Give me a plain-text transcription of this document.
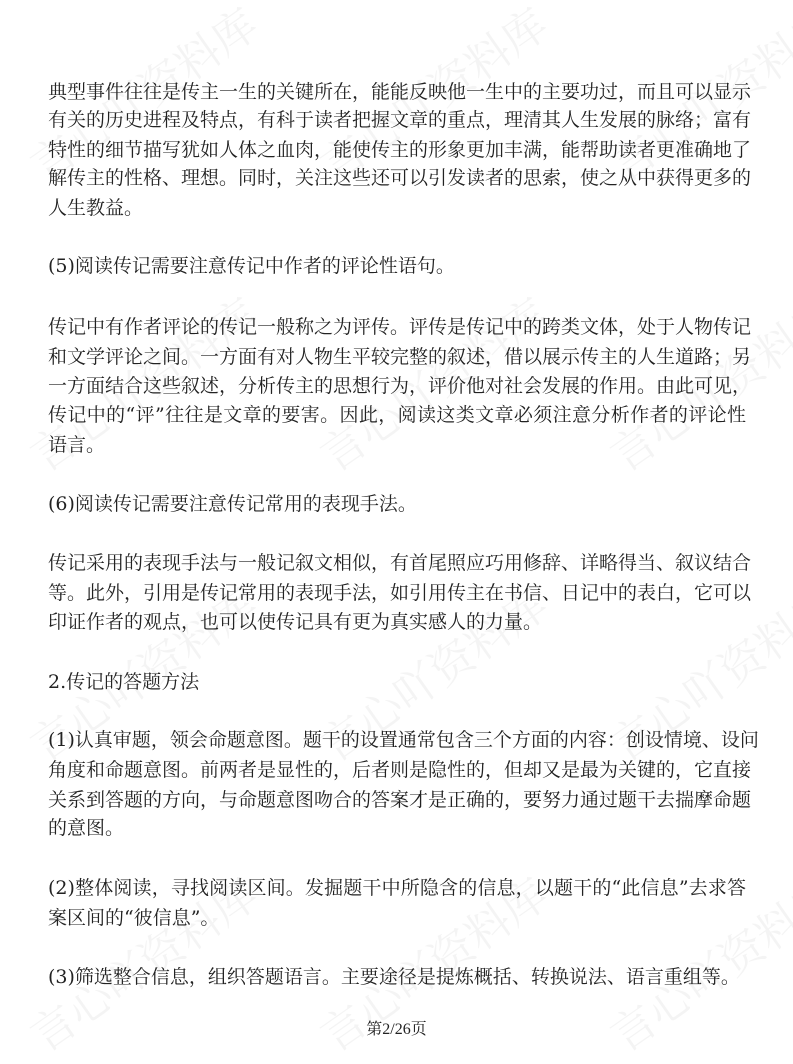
典型事件往往是传主一生的关键所在，能能反映他一生中的主要功过，而且可以显示
有关的历史进程及特点，有科于读者把握文章的重点，理清其人生发展的脉络；富有
特性的细节描写犹如人体之血肉，能使传主的形象更加丰满，能帮助读者更准确地了
解传主的性格、理想。同时，关注这些还可以引发读者的思索，使之从中获得更多的
人生教益。
(5)阅读传记需要注意传记中作者的评论性语句。
传记中有作者评论的传记一般称之为评传。评传是传记中的跨类文体，处于人物传记
和文学评论之间。一方面有对人物生平较完整的叙述，借以展示传主的人生道路；另
一方面结合这些叙述，分析传主的思想行为，评价他对社会发展的作用。由此可见，
传记中的“评”往往是文章的要害。因此，阅读这类文章必须注意分析作者的评论性
语言。
(6)阅读传记需要注意传记常用的表现手法。
传记采用的表现手法与一般记叙文相似，有首尾照应巧用修辞、详略得当、叙议结合
等。此外，引用是传记常用的表现手法，如引用传主在书信、日记中的表白，它可以
印证作者的观点，也可以使传记具有更为真实感人的力量。
2.传记的答题方法
(1)认真审题，领会命题意图。题干的设置通常包含三个方面的内容：创设情境、设问
角度和命题意图。前两者是显性的，后者则是隐性的，但却又是最为关键的，它直接
关系到答题的方向，与命题意图吻合的答案才是正确的，要努力通过题干去揣摩命题
的意图。
(2)整体阅读，寻找阅读区间。发掘题干中所隐含的信息，以题干的“此信息”去求答
案区间的“彼信息”。
(3)筛选整合信息，组织答题语言。主要途径是提炼概括、转换说法、语言重组等。
第2/26页
